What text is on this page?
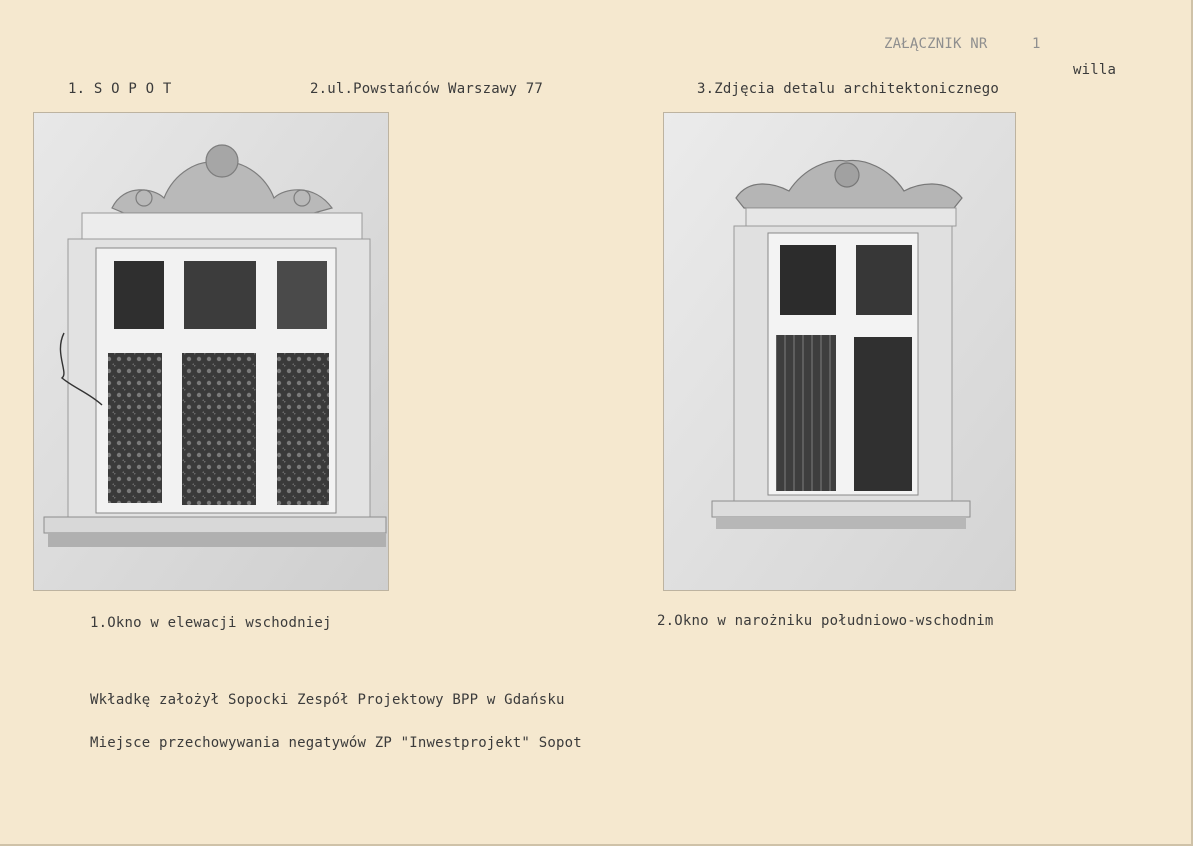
ZAŁĄCZNIK NR	1
willa
1. S O P O T	2.ul.Powstańców Warszawy 77	3.Zdjęcia detalu architektonicznego
1.Okno w elewacji wschodniej	2.Okno w narożniku południowo-wschodnim
Wkładkę założył Sopocki Zespół Projektowy BPP w Gdańsku
Miejsce przechowywania negatywów ZP "Inwestprojekt" Sopot
